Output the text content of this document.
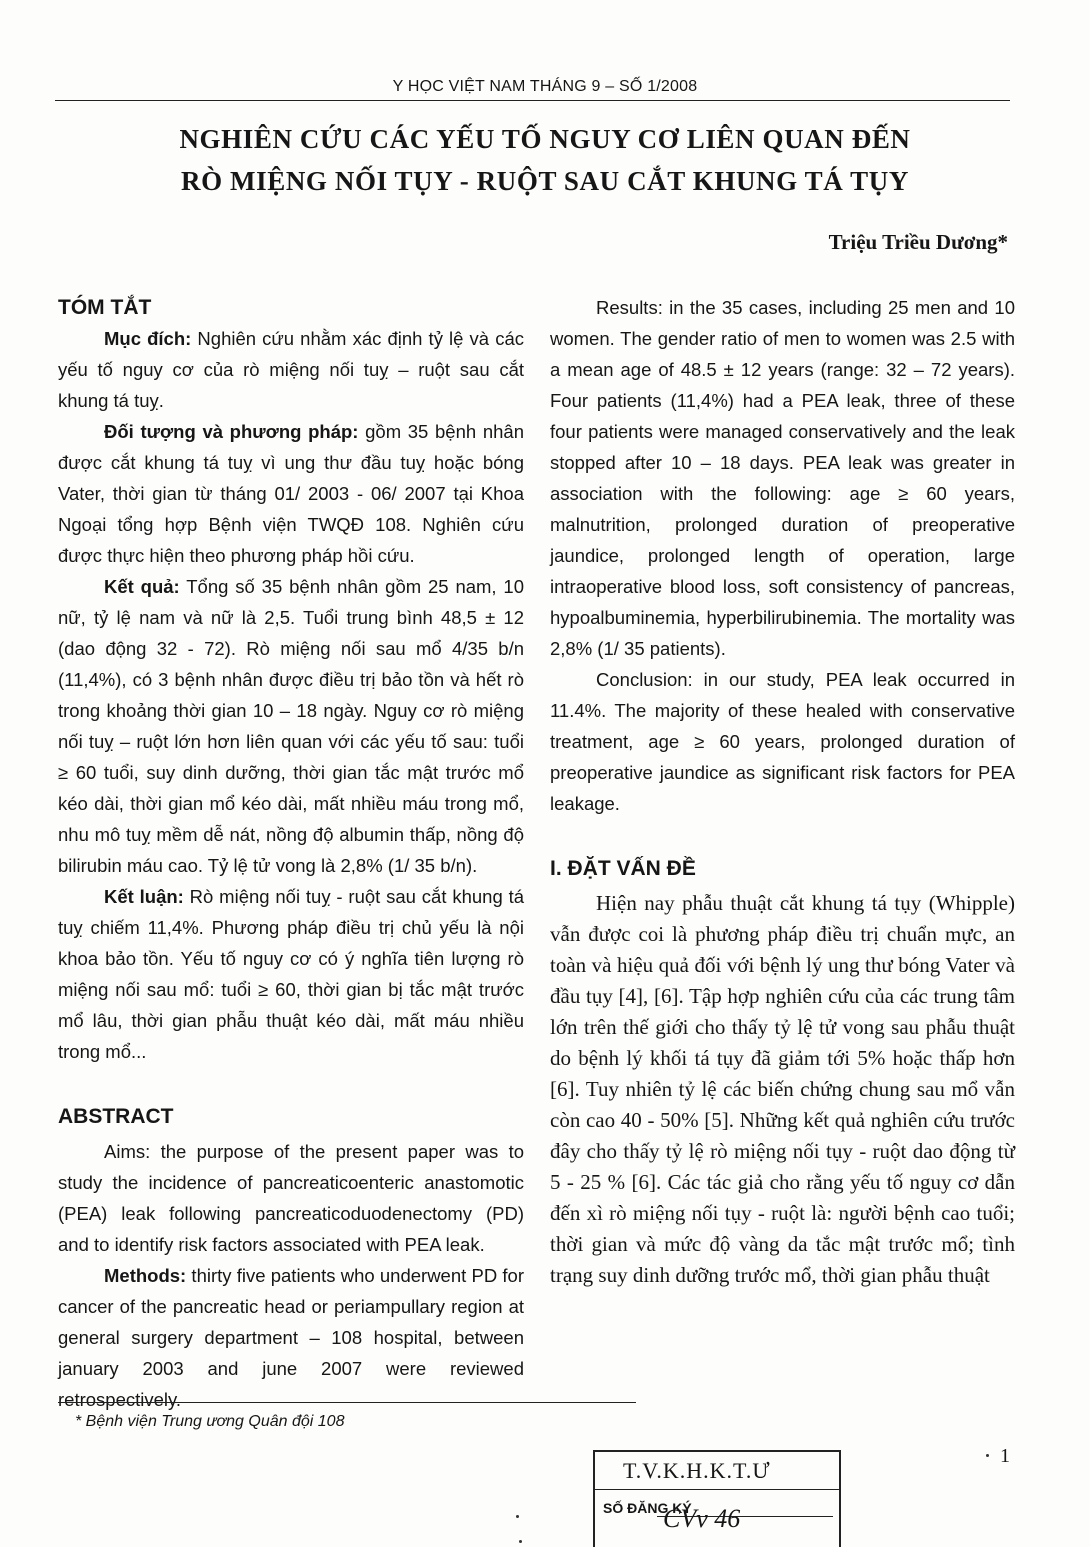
Y HỌC VIỆT NAM THÁNG 9 – SỐ 1/2008
NGHIÊN CỨU CÁC YẾU TỐ NGUY CƠ LIÊN QUAN ĐẾN
RÒ MIỆNG NỐI TỤY - RUỘT SAU CẮT KHUNG TÁ TỤY
Triệu Triều Dương*
TÓM TẮT

Mục đích: Nghiên cứu nhằm xác định tỷ lệ và các yếu tố nguy cơ của rò miệng nối tuỵ – ruột sau cắt khung tá tuỵ.

Đối tượng và phương pháp: gồm 35 bệnh nhân được cắt khung tá tuỵ vì ung thư đầu tuỵ hoặc bóng Vater, thời gian từ tháng 01/ 2003 - 06/ 2007 tại Khoa Ngoại tổng hợp Bệnh viện TWQĐ 108. Nghiên cứu được thực hiện theo phương pháp hồi cứu.

Kết quả: Tổng số 35 bệnh nhân gồm 25 nam, 10 nữ, tỷ lệ nam và nữ là 2,5. Tuổi trung bình 48,5 ± 12 (dao động 32 - 72). Rò miệng nối sau mổ 4/35 b/n (11,4%), có 3 bệnh nhân được điều trị bảo tồn và hết rò trong khoảng thời gian 10 – 18 ngày. Nguy cơ rò miệng nối tuỵ – ruột lớn hơn liên quan với các yếu tố sau: tuổi ≥ 60 tuổi, suy dinh dưỡng, thời gian tắc mật trước mổ kéo dài, thời gian mổ kéo dài, mất nhiều máu trong mổ, nhu mô tuỵ mềm dễ nát, nồng độ albumin thấp, nồng độ bilirubin máu cao. Tỷ lệ tử vong là 2,8% (1/ 35 b/n).

Kết luận: Rò miệng nối tuỵ - ruột sau cắt khung tá tuỵ chiếm 11,4%. Phương pháp điều trị chủ yếu là nội khoa bảo tồn. Yếu tố nguy cơ có ý nghĩa tiên lượng rò miệng nối sau mổ: tuổi ≥ 60, thời gian bị tắc mật trước mổ lâu, thời gian phẫu thuật kéo dài, mất máu nhiều trong mổ...

ABSTRACT

Aims: the purpose of the present paper was to study the incidence of pancreaticoenteric anastomotic (PEA) leak following pancreaticoduodenectomy (PD) and to identify risk factors associated with PEA leak.

Methods: thirty five patients who underwent PD for cancer of the pancreatic head or periampullary region at general surgery department – 108 hospital, between january 2003 and june 2007 were reviewed retrospectively.

Results: in the 35 cases, including 25 men and 10 women. The gender ratio of men to women was 2.5 with a mean age of 48.5 ± 12 years (range: 32 – 72 years). Four patients (11,4%) had a PEA leak, three of these four patients were managed conservatively and the leak stopped after 10 – 18 days. PEA leak was greater in association with the following: age ≥ 60 years, malnutrition, prolonged duration of preoperative jaundice, prolonged length of operation, large intraoperative blood loss, soft consistency of pancreas, hypoalbuminemia, hyperbilirubinemia. The mortality was 2,8% (1/ 35 patients).

Conclusion: in our study, PEA leak occurred in 11.4%. The majority of these healed with conservative treatment, age ≥ 60 years, prolonged duration of preoperative jaundice as significant risk factors for PEA leakage.

I. ĐẶT VẤN ĐỀ

Hiện nay phẫu thuật cắt khung tá tụy (Whipple) vẫn được coi là phương pháp điều trị chuẩn mực, an toàn và hiệu quả đối với bệnh lý ung thư bóng Vater và đầu tụy [4], [6]. Tập hợp nghiên cứu của các trung tâm lớn trên thế giới cho thấy tỷ lệ tử vong sau phẫu thuật do bệnh lý khối tá tụy đã giảm tới 5% hoặc thấp hơn [6]. Tuy nhiên tỷ lệ các biến chứng chung sau mổ vẫn còn cao 40 - 50% [5]. Những kết quả nghiên cứu trước đây cho thấy tỷ lệ rò miệng nối tụy - ruột dao động từ 5 - 25 % [6]. Các tác giả cho rằng yếu tố nguy cơ dẫn đến xì rò miệng nối tụy - ruột là: người bệnh cao tuổi; thời gian và mức độ vàng da tắc mật trước mổ; tình trạng suy dinh dưỡng trước mổ, thời gian phẫu thuật

* Bệnh viện Trung ương Quân đội 108
1
T.V.K.H.K.T.Ư
SỐ ĐĂNG KÝ
CVv 46
